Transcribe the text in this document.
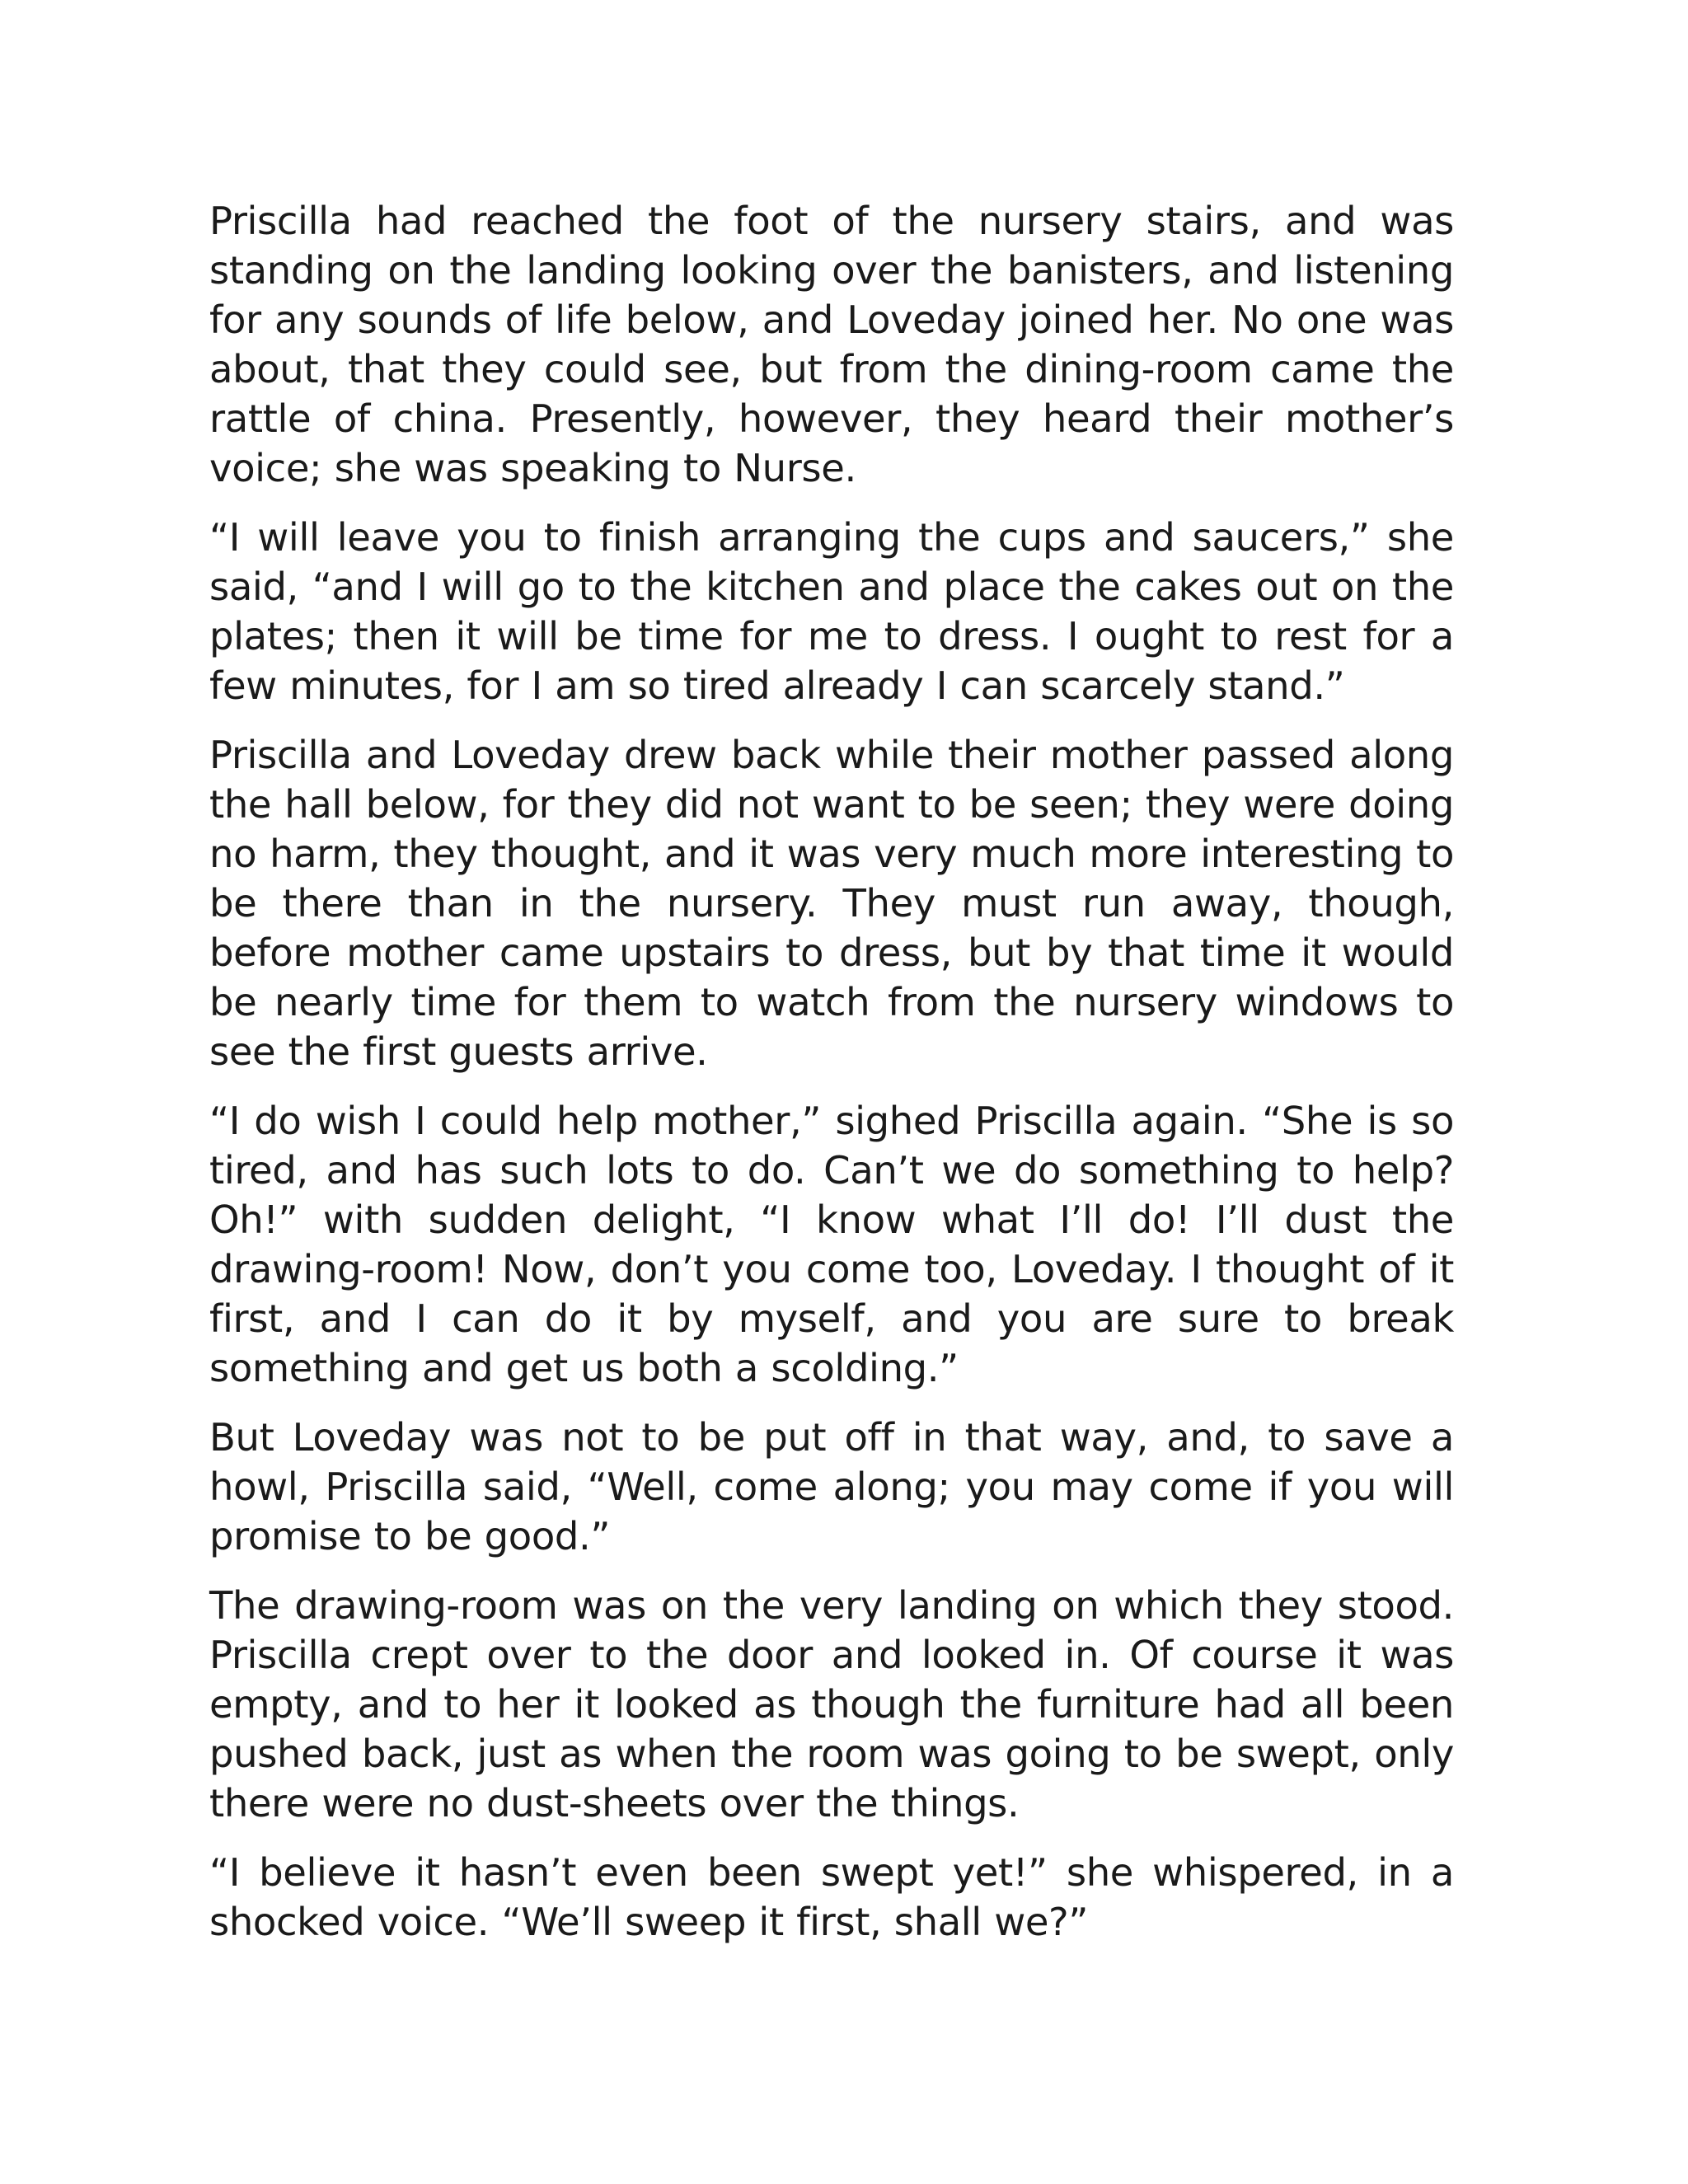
Priscilla had reached the foot of the nursery stairs, and was standing on the landing looking over the banisters, and listening for any sounds of life below, and Loveday joined her. No one was about, that they could see, but from the dining-room came the rattle of china. Presently, however, they heard their mother’s voice; she was speaking to Nurse.

“I will leave you to finish arranging the cups and saucers,” she said, “and I will go to the kitchen and place the cakes out on the plates; then it will be time for me to dress. I ought to rest for a few minutes, for I am so tired already I can scarcely stand.”

Priscilla and Loveday drew back while their mother passed along the hall below, for they did not want to be seen; they were doing no harm, they thought, and it was very much more interesting to be there than in the nursery. They must run away, though, before mother came upstairs to dress, but by that time it would be nearly time for them to watch from the nursery windows to see the first guests arrive.

“I do wish I could help mother,” sighed Priscilla again. “She is so tired, and has such lots to do. Can’t we do something to help? Oh!” with sudden delight, “I know what I’ll do! I’ll dust the drawing-room! Now, don’t you come too, Loveday. I thought of it first, and I can do it by myself, and you are sure to break something and get us both a scolding.”

But Loveday was not to be put off in that way, and, to save a howl, Priscilla said, “Well, come along; you may come if you will promise to be good.”

The drawing-room was on the very landing on which they stood. Priscilla crept over to the door and looked in. Of course it was empty, and to her it looked as though the furniture had all been pushed back, just as when the room was going to be swept, only there were no dust-sheets over the things.

“I believe it hasn’t even been swept yet!” she whispered, in a shocked voice. “We’ll sweep it first, shall we?”
